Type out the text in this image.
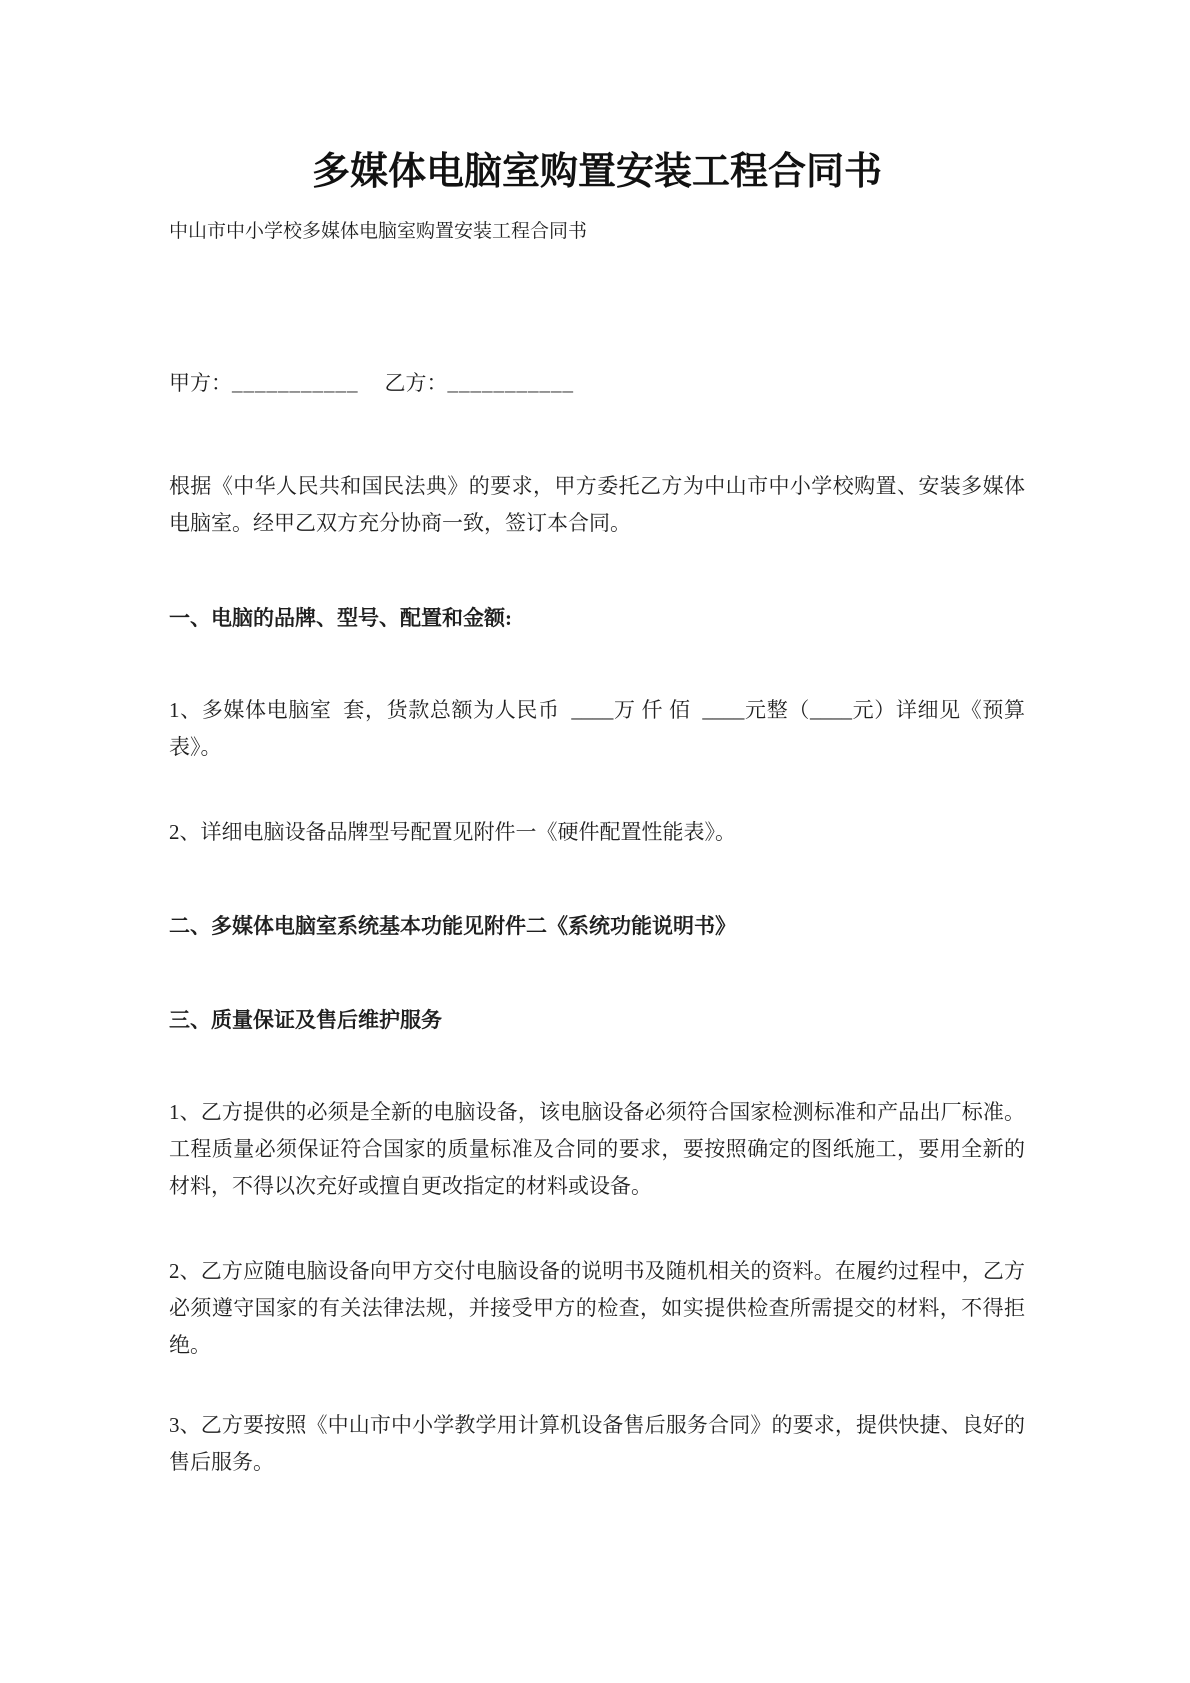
多媒体电脑室购置安装工程合同书

中山市中小学校多媒体电脑室购置安装工程合同书

甲方：___________ 乙方：___________

根据《中华人民共和国民法典》的要求，甲方委托乙方为中山市中小学校购置、安装多媒体电脑室。经甲乙双方充分协商一致，签订本合同。

一、电脑的品牌、型号、配置和金额:

1、多媒体电脑室  套，货款总额为人民币  ____万 仟 佰  ____元整（____元）详细见《预算表》。

2、详细电脑设备品牌型号配置见附件一《硬件配置性能表》。

二、多媒体电脑室系统基本功能见附件二《系统功能说明书》

三、质量保证及售后维护服务

1、乙方提供的必须是全新的电脑设备，该电脑设备必须符合国家检测标准和产品出厂标准。工程质量必须保证符合国家的质量标准及合同的要求，要按照确定的图纸施工，要用全新的材料，不得以次充好或擅自更改指定的材料或设备。

2、乙方应随电脑设备向甲方交付电脑设备的说明书及随机相关的资料。在履约过程中，乙方必须遵守国家的有关法律法规，并接受甲方的检查，如实提供检查所需提交的材料，不得拒绝。

3、乙方要按照《中山市中小学教学用计算机设备售后服务合同》的要求，提供快捷、良好的售后服务。
